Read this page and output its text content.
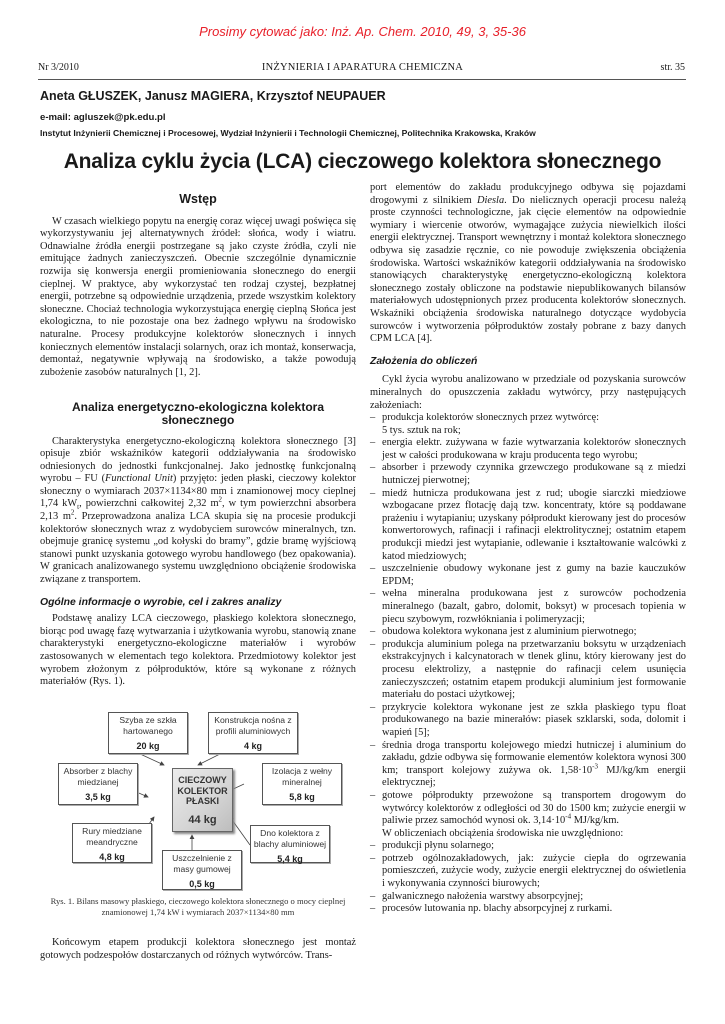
Prosimy cytować jako: Inż. Ap. Chem. 2010, 49, 3, 35-36
Nr 3/2010	INŻYNIERIA I APARATURA CHEMICZNA	str. 35
Aneta GŁUSZEK, Janusz MAGIERA, Krzysztof NEUPAUER
e-mail: agluszek@pk.edu.pl
Instytut Inżynierii Chemicznej i Procesowej, Wydział Inżynierii i Technologii Chemicznej, Politechnika Krakowska, Kraków
Analiza cyklu życia (LCA) cieczowego kolektora słonecznego
Wstęp

W czasach wielkiego popytu na energię coraz więcej uwagi poświęca się wykorzystywaniu jej alternatywnych źródeł: słońca, wody i wiatru. Odnawialne źródła energii postrzegane są jako czyste źródła, czyli nie emitujące żadnych zanieczyszczeń. Obecnie szczególnie dynamicznie rozwija się konwersja energii promieniowania słonecznego do energii cieplnej. W praktyce, aby wykorzystać ten rodzaj czystej, bezpłatnej energii, potrzebne są odpowiednie urządzenia, przede wszystkim kolektory słoneczne. Chociaż technologia wykorzystująca energię cieplną Słońca jest ekologiczna, to nie pozostaje ona bez żadnego wpływu na środowisko naturalne. Procesy produkcyjne kolektorów słonecznych i innych koniecznych elementów instalacji solarnych, oraz ich montaż, konserwacja, demontaż, negatywnie wpływają na środowisko, a także powodują zubożenie zasobów naturalnych [1, 2].

Analiza energetyczno-ekologiczna kolektora słonecznego

Charakterystyka energetyczno-ekologiczną kolektora słonecznego [3] opisuje zbiór wskaźników kategorii oddziaływania na środowisko odniesionych do jednostki funkcjonalnej. Jako jednostkę funkcjonalną wyrobu – FU (Functional Unit) przyjęto: jeden płaski, cieczowy kolektor słoneczny o wymiarach 2037×1134×80 mm i znamionowej mocy cieplnej 1,74 $kW_t$, powierzchni całkowitej 2,32 $m^2$, w tym powierzchni absorbera 2,13 $m^2$. Przeprowadzona analiza LCA skupia się na procesie produkcji kolektorów słonecznych wraz z wydobyciem surowców mineralnych, tzn. obejmuje granicę systemu „od kołyski do bramy”, gdzie bramę wyjściową stanowi punkt uzyskania gotowego wyrobu handlowego (bez opakowania). W granicach analizowanego systemu uwzględniono obciążenie środowiska związane z transportem.

Ogólne informacje o wyrobie, cel i zakres analizy

Podstawę analizy LCA cieczowego, płaskiego kolektora słonecznego, biorąc pod uwagę fazę wytwarzania i użytkowania wyrobu, stanowią znane charakterystyki energetyczno-ekologiczne materiałów i wyrobów zastosowanych w elementach tego kolektora. Przedmiotowy kolektor jest wyrobem złożonym z półproduktów, które są wykonane z różnych materiałów (Rys. 1).

Szyba ze szkła
hartowanego
20 kg
Konstrukcja nośna z
profili aluminiowych
4 kg
Absorber z blachy
miedzianej
3,5 kg
Izolacja z wełny
mineralnej
5,8 kg
CIECZOWY
KOLEKTOR
PŁASKI
44 kg
Rury miedziane
meandryczne
4,8 kg
Dno kolektora z
blachy aluminiowej
5,4 kg
Uszczelnienie z
masy gumowej
0,5 kg
Rys. 1. Bilans masowy płaskiego, cieczowego kolektora słonecznego o mocy cieplnej znamionowej 1,74 kW i wymiarach 2037×1134×80 mm

Końcowym etapem produkcji kolektora słonecznego jest montaż gotowych podzespołów dostarczanych od różnych wytwórców. Trans-

port elementów do zakładu produkcyjnego odbywa się pojazdami drogowymi z silnikiem Diesla. Do nielicznych operacji procesu należą proste czynności technologiczne, jak cięcie elementów na odpowiednie wymiary i wiercenie otworów, wymagające zużycia niewielkich ilości energii elektrycznej. Transport wewnętrzny i montaż kolektora słonecznego odbywa się zasadzie ręcznie, co nie powoduje zwiększenia obciążenia środowiska. Wartości wskaźników kategorii oddziaływania na środowisko stanowiących charakterystykę energetyczno-ekologiczną kolektora słonecznego zostały obliczone na podstawie niepublikowanych bilansów materiałowych udostępnionych przez producenta kolektorów słonecznych. Wskaźniki obciążenia środowiska naturalnego dotyczące wydobycia surowców i wytworzenia półproduktów zostały pobrane z bazy danych CPM LCA [4].

Założenia do obliczeń

Cykl życia wyrobu analizowano w przedziale od pozyskania surowców mineralnych do opuszczenia zakładu wytwórcy, przy następujących założeniach:

– produkcja kolektorów słonecznych przez wytwórcę:
5 tys. sztuk na rok;
– energia elektr. zużywana w fazie wytwarzania kolektorów słonecznych jest w całości produkowana w kraju producenta tego wyrobu;
– absorber i przewody czynnika grzewczego produkowane są z miedzi hutniczej pierwotnej;
– miedź hutnicza produkowana jest z rud; ubogie siarczki miedziowe wzbogacane przez flotację dają tzw. koncentraty, które są poddawane prażeniu i wytapianiu; uzyskany półprodukt kierowany jest do procesów konwertorowych, rafinacji i rafinacji elektrolitycznej; ostatnim etapem produkcji miedzi jest wytapianie, odlewanie i kształtowanie walcówki z katod miedziowych;
– uszczelnienie obudowy wykonane jest z gumy na bazie kauczuków EPDM;
– wełna mineralna produkowana jest z surowców pochodzenia mineralnego (bazalt, gabro, dolomit, boksyt) w procesach topienia w piecu szybowym, rozwłókniania i polimeryzacji;
– obudowa kolektora wykonana jest z aluminium pierwotnego;
– produkcja aluminium polega na przetwarzaniu boksytu w urządzeniach ekstrakcyjnych i kalcynatorach w tlenek glinu, który kierowany jest do procesu elektrolizy, a następnie do rafinacji celem usunięcia zanieczyszczeń; ostatnim etapem produkcji aluminium jest formowanie materiału do postaci użytkowej;
– przykrycie kolektora wykonane jest ze szkła płaskiego typu float produkowanego na bazie minerałów: piasek szklarski, soda, dolomit i wapień [5];
– średnia droga transportu kolejowego miedzi hutniczej i aluminium do zakładu, gdzie odbywa się formowanie elementów kolektora wynosi 300 km; transport kolejowy zużywa ok. $1,58\cdot 10^{-3}$ MJ/kg/km energii elektrycznej;
– gotowe półprodukty przewożone są transportem drogowym do wytwórcy kolektorów z odległości od 30 do 1500 km; zużycie energii w paliwie przez samochód wynosi ok. $3,14\cdot 10^{-4}$ MJ/kg/km.

W obliczeniach obciążenia środowiska nie uwzględniono:

– produkcji płynu solarnego;
– potrzeb ogólnozakładowych, jak: zużycie ciepła do ogrzewania pomieszczeń, zużycie wody, zużycie energii elektrycznej do oświetlenia i wykonywania czynności biurowych;
– galwanicznego nałożenia warstwy absorpcyjnej;
– procesów lutowania np. blachy absorpcyjnej z rurkami.
